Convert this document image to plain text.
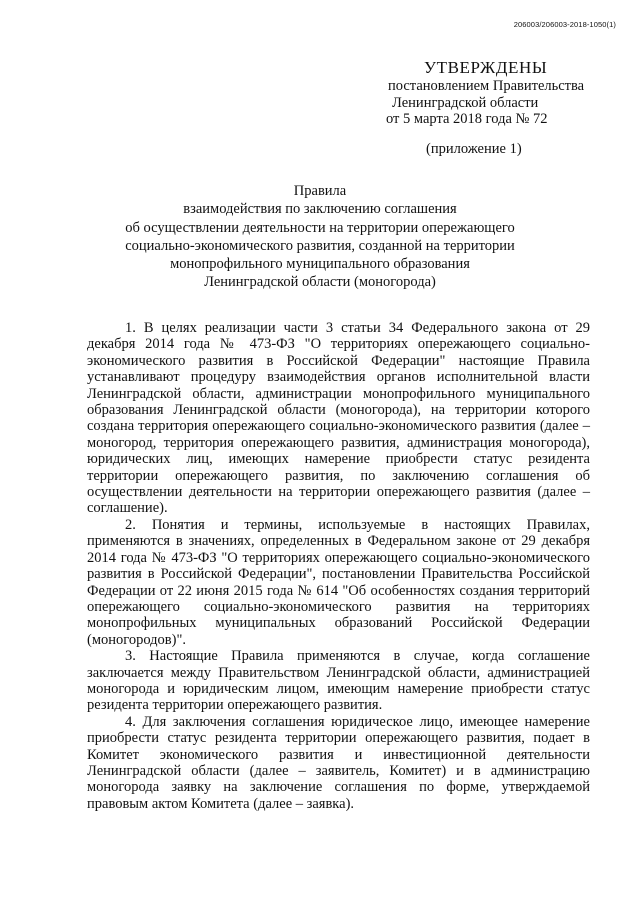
206003/206003-2018-1050(1)
УТВЕРЖДЕНЫ
постановлением Правительства
Ленинградской области
от 5 марта 2018 года № 72
(приложение 1)
Правила
взаимодействия по заключению соглашения
об осуществлении деятельности на территории опережающего
социально-экономического развития, созданной на территории
монопрофильного муниципального образования
Ленинградской области (моногорода)

1. В целях реализации части 3 статьи 34 Федерального закона от 29 декабря 2014 года № 473-ФЗ "О территориях опережающего социально-экономического развития в Российской Федерации" настоящие Правила устанавливают процедуру взаимодействия органов исполнительной власти Ленинградской области, администрации монопрофильного муниципального образования Ленинградской области (моногорода), на территории которого создана территория опережающего социально-экономического развития (далее – моногород, территория опережающего развития, администрация моногорода), юридических лиц, имеющих намерение приобрести статус резидента территории опережающего развития, по заключению соглашения об осуществлении деятельности на территории опережающего развития (далее – соглашение).

2. Понятия и термины, используемые в настоящих Правилах, применяются в значениях, определенных в Федеральном законе от 29 декабря 2014 года № 473-ФЗ "О территориях опережающего социально-экономического развития в Российской Федерации", постановлении Правительства Российской Федерации от 22 июня 2015 года № 614 "Об особенностях создания территорий опережающего социально-экономического развития на территориях монопрофильных муниципальных образований Российской Федерации (моногородов)".

3. Настоящие Правила применяются в случае, когда соглашение заключается между Правительством Ленинградской области, администрацией моногорода и юридическим лицом, имеющим намерение приобрести статус резидента территории опережающего развития.

4. Для заключения соглашения юридическое лицо, имеющее намерение приобрести статус резидента территории опережающего развития, подает в Комитет экономического развития и инвестиционной деятельности Ленинградской области (далее – заявитель, Комитет) и в администрацию моногорода заявку на заключение соглашения по форме, утверждаемой правовым актом Комитета (далее – заявка).
